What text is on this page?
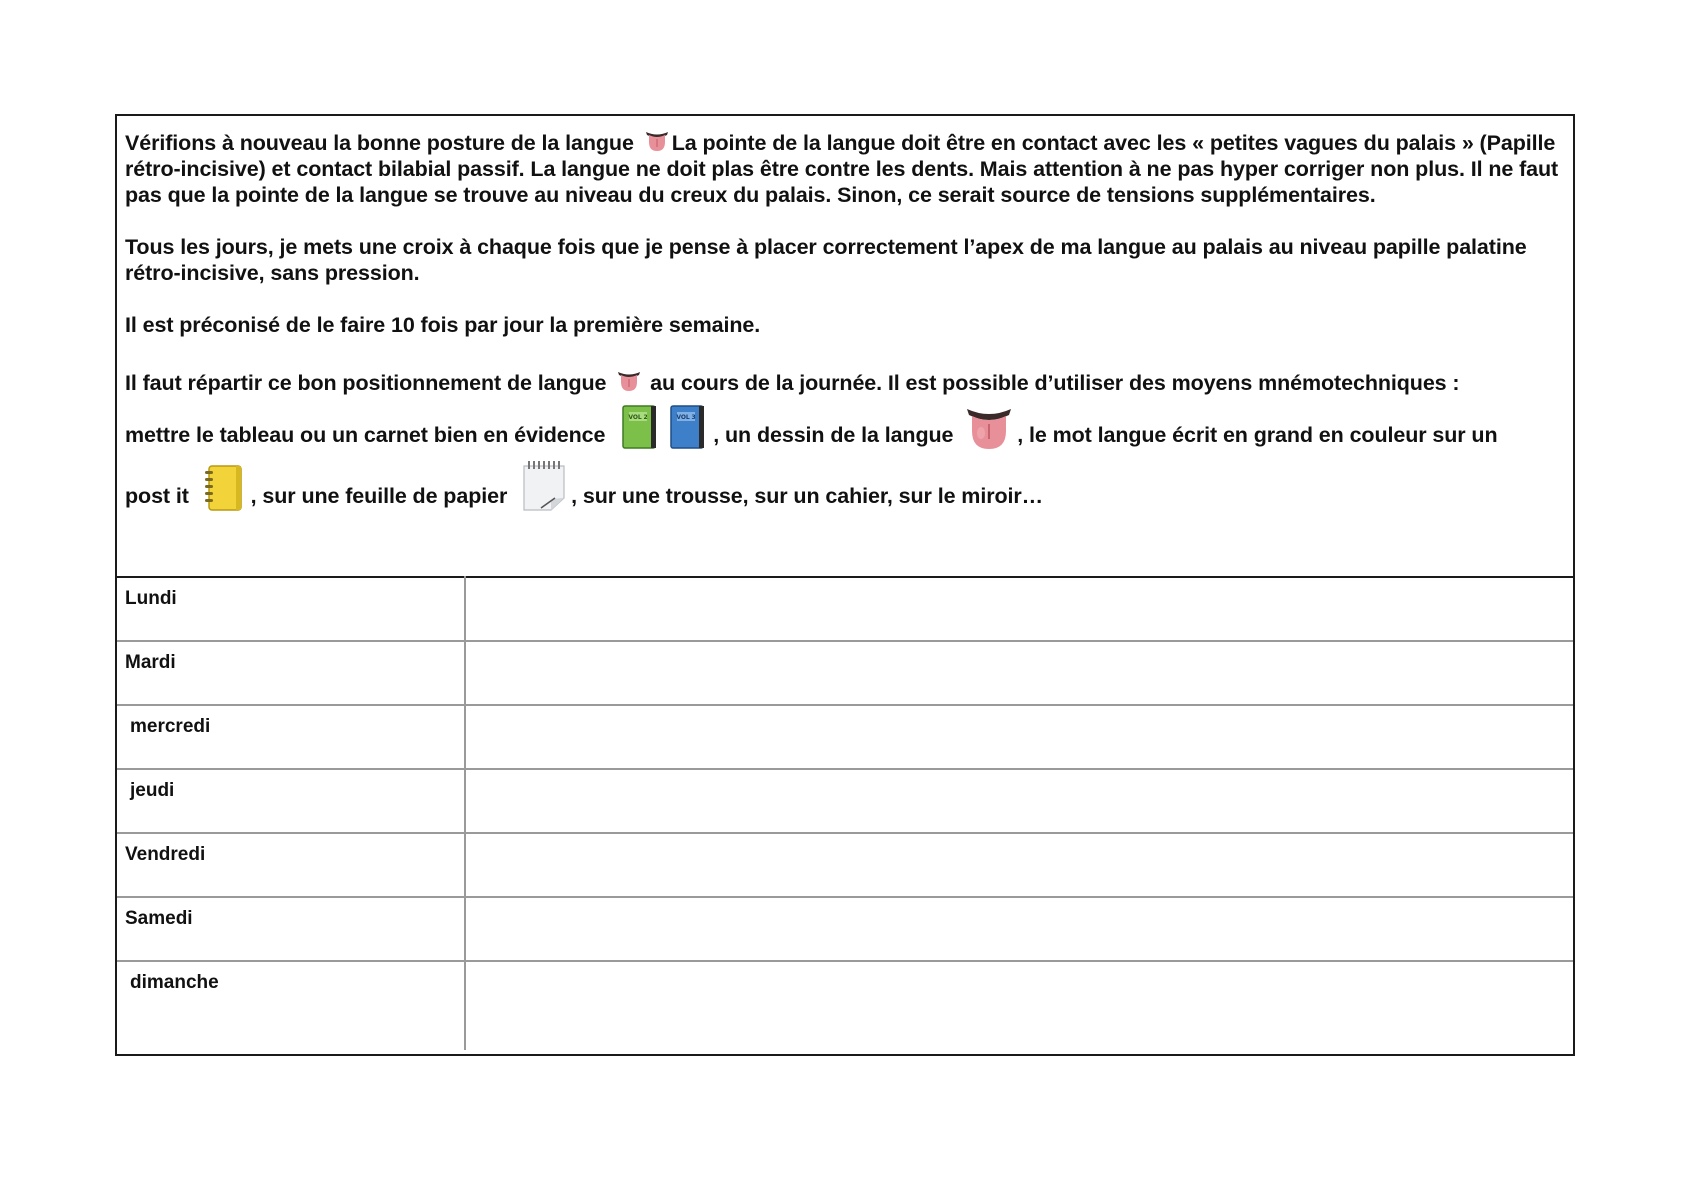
Vérifions à nouveau la bonne posture de la langue La pointe de la langue doit être en contact avec les « petites vagues du palais » (Papille rétro-incisive) et contact bilabial passif. La langue ne doit plas être contre les dents. Mais attention à ne pas hyper corriger non plus. Il ne faut pas que la pointe de la langue se trouve au niveau du creux du palais. Sinon, ce serait source de tensions supplémentaires.

Tous les jours, je mets une croix à chaque fois que je pense à placer correctement l’apex de ma langue au palais au niveau papille palatine rétro-incisive, sans pression.

Il est préconisé de le faire 10 fois par jour la première semaine.

Il faut répartir ce bon positionnement de langue  au cours de la journée. Il est possible d’utiliser des moyens mnémotechniques :
mettre le tableau ou un carnet bien en évidence
VOL 2	VOL 3
, un dessin de la langue	, le mot langue écrit en grand en couleur sur un
post it	, sur une feuille de papier	, sur une trousse, sur un cahier, sur le miroir…

Lundi	
Mardi	
mercredi	
jeudi	
Vendredi	
Samedi	
dimanche	
